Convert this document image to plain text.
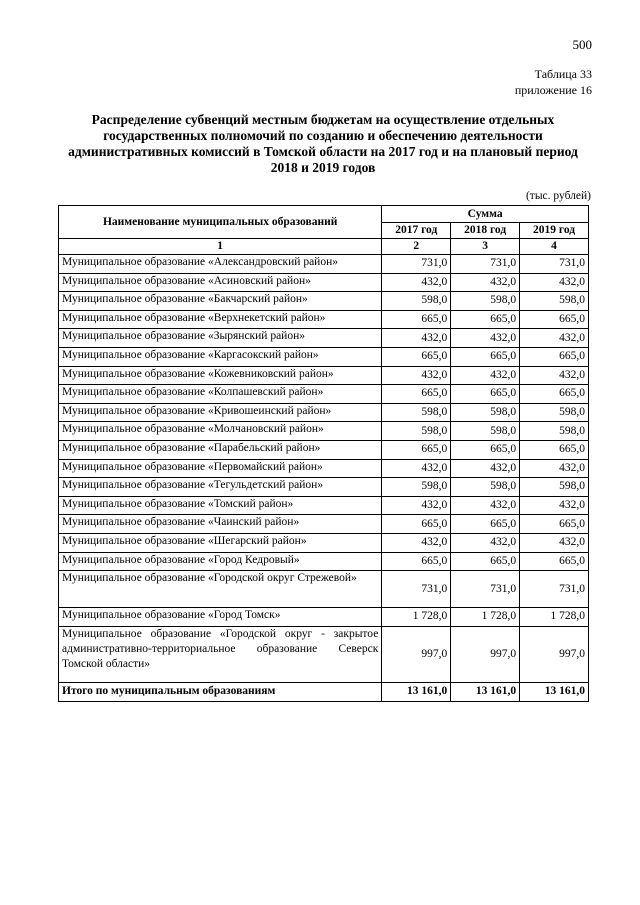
500
Таблица 33
приложение 16
Распределение субвенций местным бюджетам на осуществление отдельных государственных полномочий по созданию и обеспечению деятельности административных комиссий в Томской области на 2017 год и на плановый период 2018 и 2019 годов
(тыс. рублей)
Наименование муниципальных образований	Сумма		
	2017 год	2018 год	2019 год
1	2	3	4
Муниципальное образование «Александровский район»	731,0	731,0	731,0
Муниципальное образование «Асиновский район»	432,0	432,0	432,0
Муниципальное образование «Бакчарский район»	598,0	598,0	598,0
Муниципальное образование «Верхнекетский район»	665,0	665,0	665,0
Муниципальное образование «Зырянский район»	432,0	432,0	432,0
Муниципальное образование «Каргасокский район»	665,0	665,0	665,0
Муниципальное образование «Кожевниковский район»	432,0	432,0	432,0
Муниципальное образование «Колпашевский район»	665,0	665,0	665,0
Муниципальное образование «Кривошеинский район»	598,0	598,0	598,0
Муниципальное образование «Молчановский район»	598,0	598,0	598,0
Муниципальное образование «Парабельский район»	665,0	665,0	665,0
Муниципальное образование «Первомайский район»	432,0	432,0	432,0
Муниципальное образование «Тегульдетский район»	598,0	598,0	598,0
Муниципальное образование «Томский район»	432,0	432,0	432,0
Муниципальное образование «Чаинский район»	665,0	665,0	665,0
Муниципальное образование «Шегарский район»	432,0	432,0	432,0
Муниципальное образование «Город Кедровый»	665,0	665,0	665,0
Муниципальное образование «Городской округ Стрежевой»	731,0	731,0	731,0
Муниципальное образование «Город Томск»	1 728,0	1 728,0	1 728,0
Муниципальное образование «Городской округ - закрытое административно-территориальное образование Северск Томской области»	997,0	997,0	997,0
Итого по муниципальным образованиям	13 161,0	13 161,0	13 161,0
